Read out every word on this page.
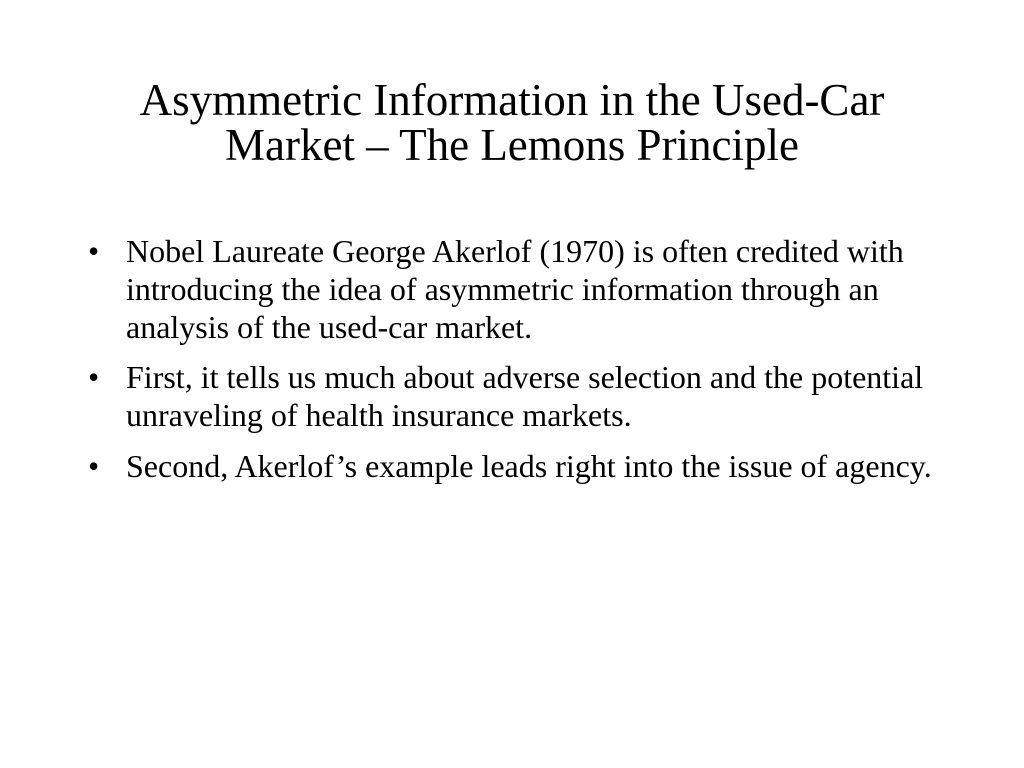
Asymmetric Information in the Used-Car
Market – The Lemons Principle
• Nobel Laureate George Akerlof (1970) is often credited with introducing the idea of asymmetric information through an analysis of the used-car market.
• First, it tells us much about adverse selection and the potential unraveling of health insurance markets.
• Second, Akerlof’s example leads right into the issue of agency.
